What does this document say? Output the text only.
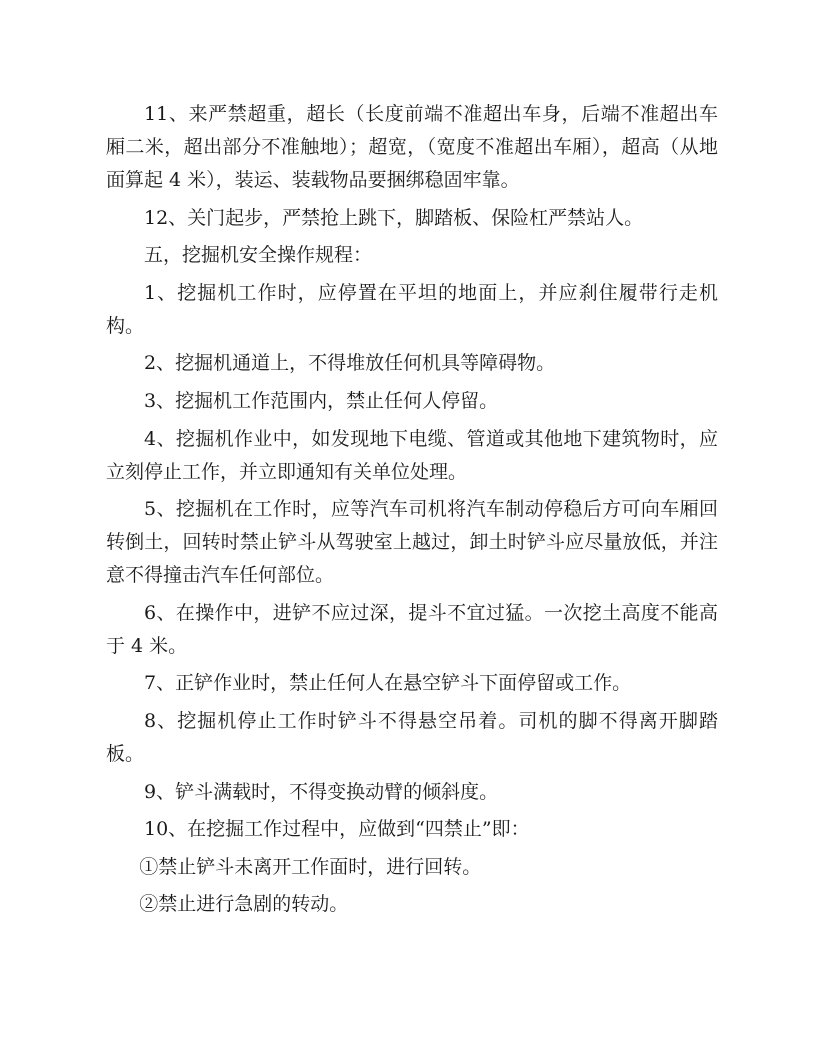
11、来严禁超重，超长（长度前端不准超出车身，后端不准超出车厢二米，超出部分不准触地）；超宽，（宽度不准超出车厢），超高（从地面算起 4 米），装运、装载物品要捆绑稳固牢靠。

12、关门起步，严禁抢上跳下，脚踏板、保险杠严禁站人。

五，挖掘机安全操作规程：

1、挖掘机工作时，应停置在平坦的地面上，并应刹住履带行走机构。

2、挖掘机通道上，不得堆放任何机具等障碍物。

3、挖掘机工作范围内，禁止任何人停留。

4、挖掘机作业中，如发现地下电缆、管道或其他地下建筑物时，应立刻停止工作，并立即通知有关单位处理。

5、挖掘机在工作时，应等汽车司机将汽车制动停稳后方可向车厢回转倒土，回转时禁止铲斗从驾驶室上越过，卸土时铲斗应尽量放低，并注意不得撞击汽车任何部位。

6、在操作中，进铲不应过深，提斗不宜过猛。一次挖土高度不能高于 4 米。

7、正铲作业时，禁止任何人在悬空铲斗下面停留或工作。

8、挖掘机停止工作时铲斗不得悬空吊着。司机的脚不得离开脚踏板。

9、铲斗满载时，不得变换动臂的倾斜度。

10、在挖掘工作过程中，应做到“四禁止”即：

①禁止铲斗未离开工作面时，进行回转。

②禁止进行急剧的转动。
